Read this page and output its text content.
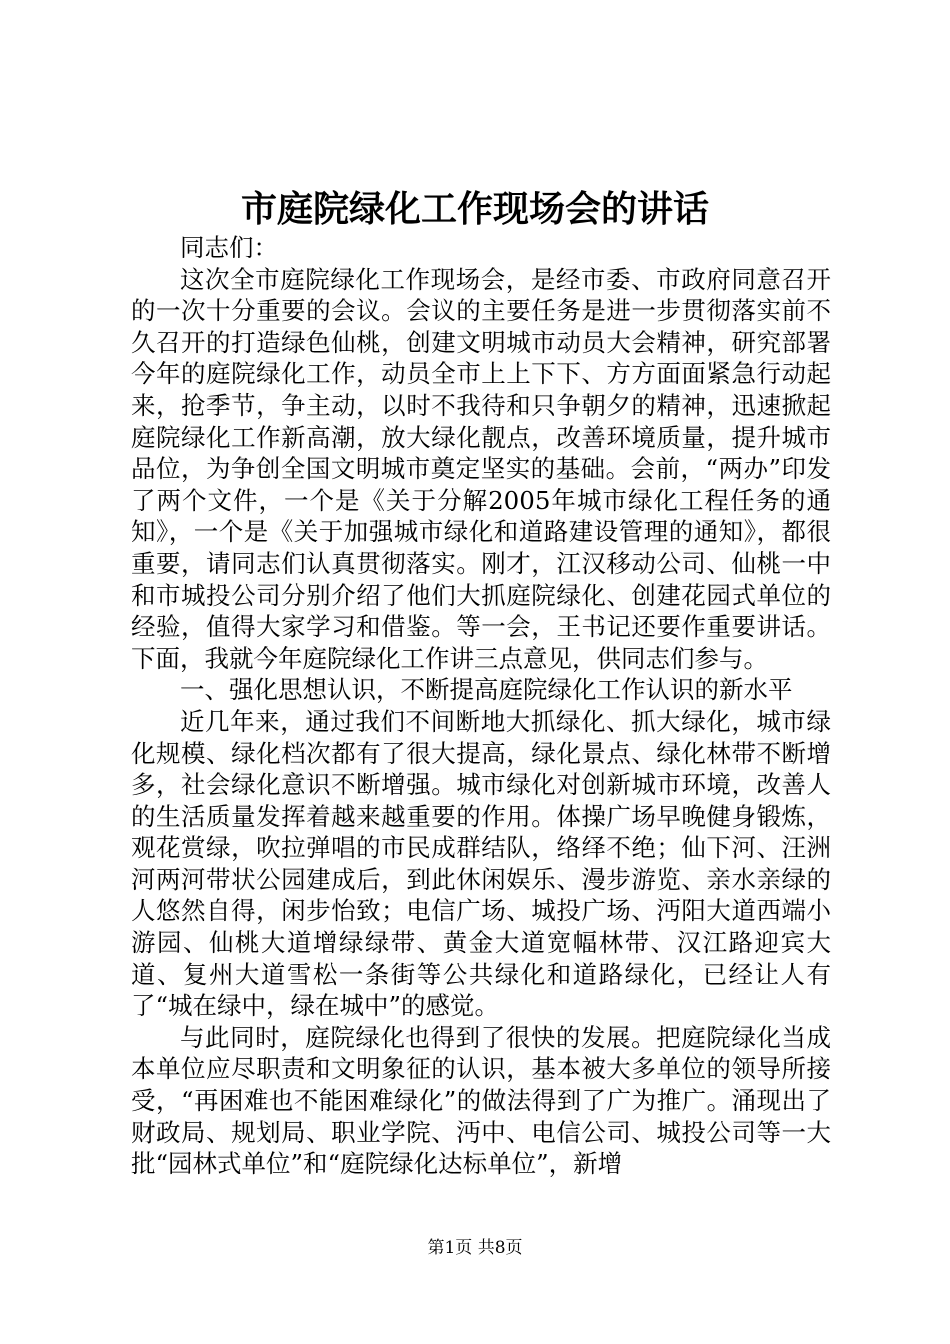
市庭院绿化工作现场会的讲话

同志们：

这次全市庭院绿化工作现场会，是经市委、市政府同意召开的一次十分重要的会议。会议的主要任务是进一步贯彻落实前不久召开的打造绿色仙桃，创建文明城市动员大会精神，研究部署今年的庭院绿化工作，动员全市上上下下、方方面面紧急行动起来，抢季节，争主动，以时不我待和只争朝夕的精神，迅速掀起庭院绿化工作新高潮，放大绿化靓点，改善环境质量，提升城市品位，为争创全国文明城市奠定坚实的基础。会前，“两办”印发了两个文件，一个是《关于分解2005年城市绿化工程任务的通知》，一个是《关于加强城市绿化和道路建设管理的通知》，都很重要，请同志们认真贯彻落实。刚才，江汉移动公司、仙桃一中和市城投公司分别介绍了他们大抓庭院绿化、创建花园式单位的经验，值得大家学习和借鉴。等一会，王书记还要作重要讲话。下面，我就今年庭院绿化工作讲三点意见，供同志们参与。

一、强化思想认识，不断提高庭院绿化工作认识的新水平

近几年来，通过我们不间断地大抓绿化、抓大绿化，城市绿化规模、绿化档次都有了很大提高，绿化景点、绿化林带不断增多，社会绿化意识不断增强。城市绿化对创新城市环境，改善人的生活质量发挥着越来越重要的作用。体操广场早晚健身锻炼，观花赏绿，吹拉弹唱的市民成群结队，络绎不绝；仙下河、汪洲河两河带状公园建成后，到此休闲娱乐、漫步游览、亲水亲绿的人悠然自得，闲步怡致；电信广场、城投广场、沔阳大道西端小游园、仙桃大道增绿绿带、黄金大道宽幅林带、汉江路迎宾大道、复州大道雪松一条街等公共绿化和道路绿化，已经让人有了“城在绿中，绿在城中”的感觉。

与此同时，庭院绿化也得到了很快的发展。把庭院绿化当成本单位应尽职责和文明象征的认识，基本被大多单位的领导所接受，“再困难也不能困难绿化”的做法得到了广为推广。涌现出了财政局、规划局、职业学院、沔中、电信公司、城投公司等一大批“园林式单位”和“庭院绿化达标单位”，新增

第1页 共8页
